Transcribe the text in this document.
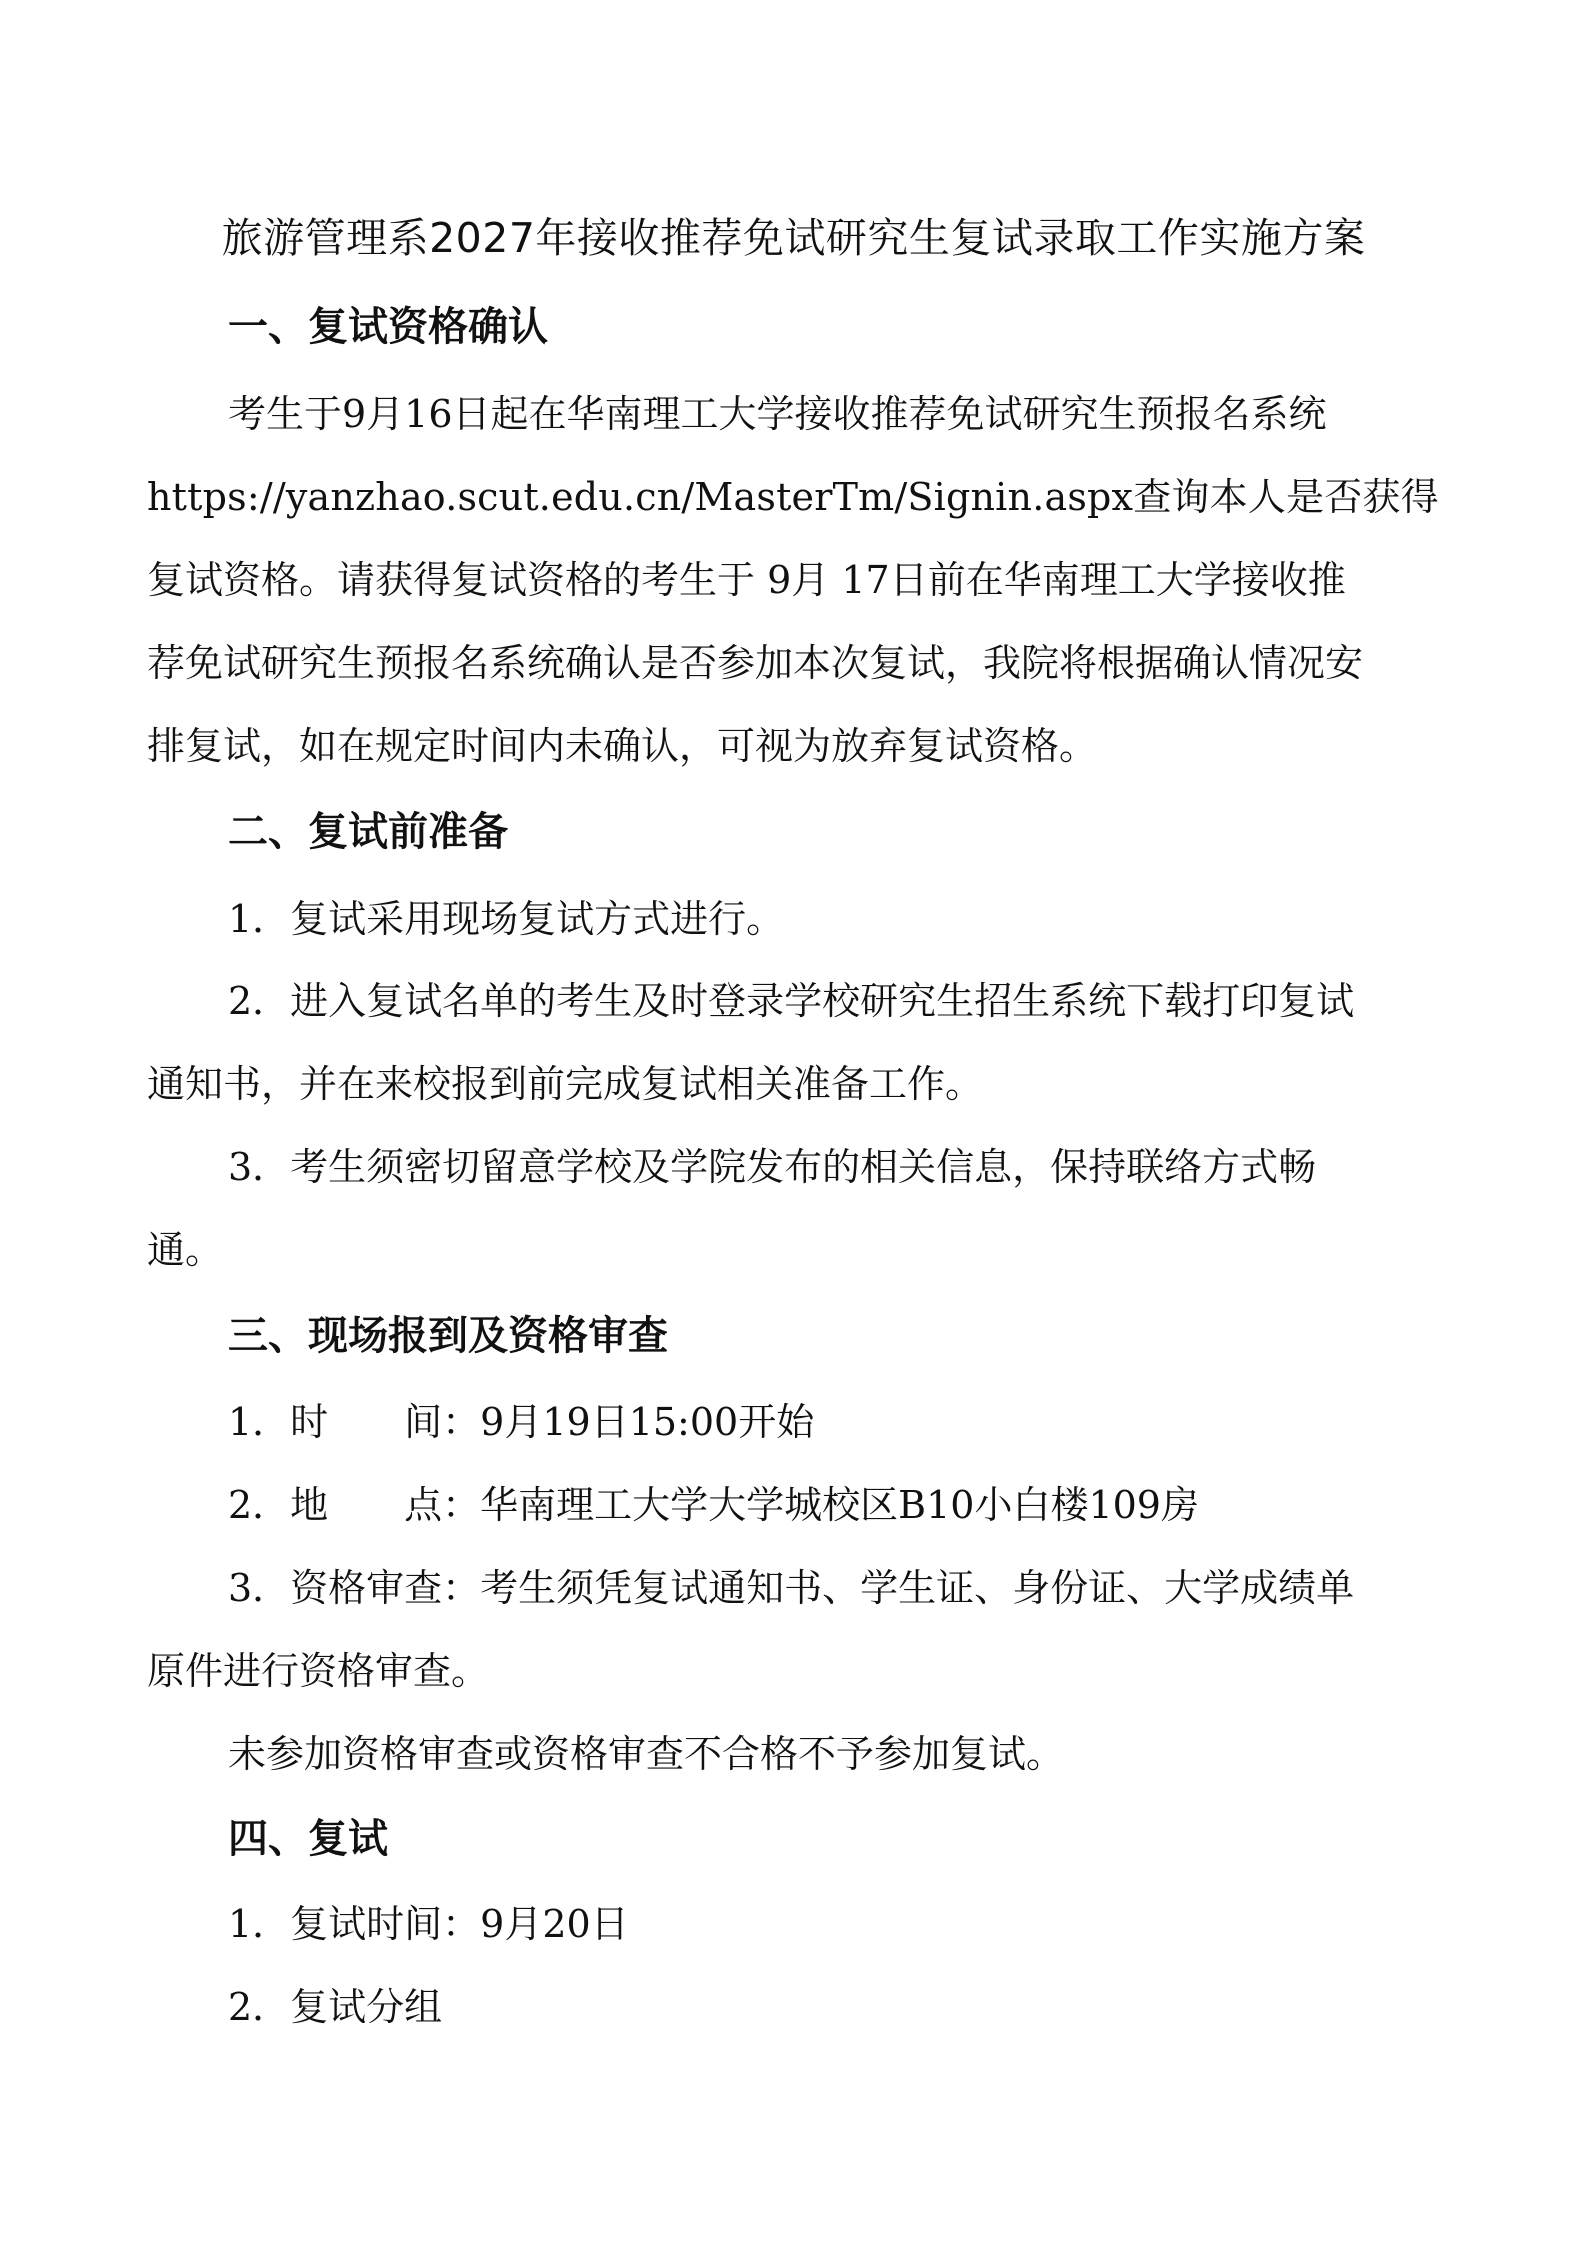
旅游管理系2027年接收推荐免试研究生复试录取工作实施方案
一、复试资格确认
考生于9月16日起在华南理工大学接收推荐免试研究生预报名系统
https://yanzhao.scut.edu.cn/MasterTm/Signin.aspx查询本人是否获得
复试资格。请获得复试资格的考生于 9月 17日前在华南理工大学接收推
荐免试研究生预报名系统确认是否参加本次复试，我院将根据确认情况安
排复试，如在规定时间内未确认，可视为放弃复试资格。
二、复试前准备
1．复试采用现场复试方式进行。
2．进入复试名单的考生及时登录学校研究生招生系统下载打印复试
通知书，并在来校报到前完成复试相关准备工作。
3．考生须密切留意学校及学院发布的相关信息，保持联络方式畅
通。
三、现场报到及资格审查
1．时　　间：9月19日15:00开始
2．地　　点：华南理工大学大学城校区B10小白楼109房
3．资格审查：考生须凭复试通知书、学生证、身份证、大学成绩单
原件进行资格审查。
未参加资格审查或资格审查不合格不予参加复试。
四、复试
1．复试时间：9月20日
2．复试分组
